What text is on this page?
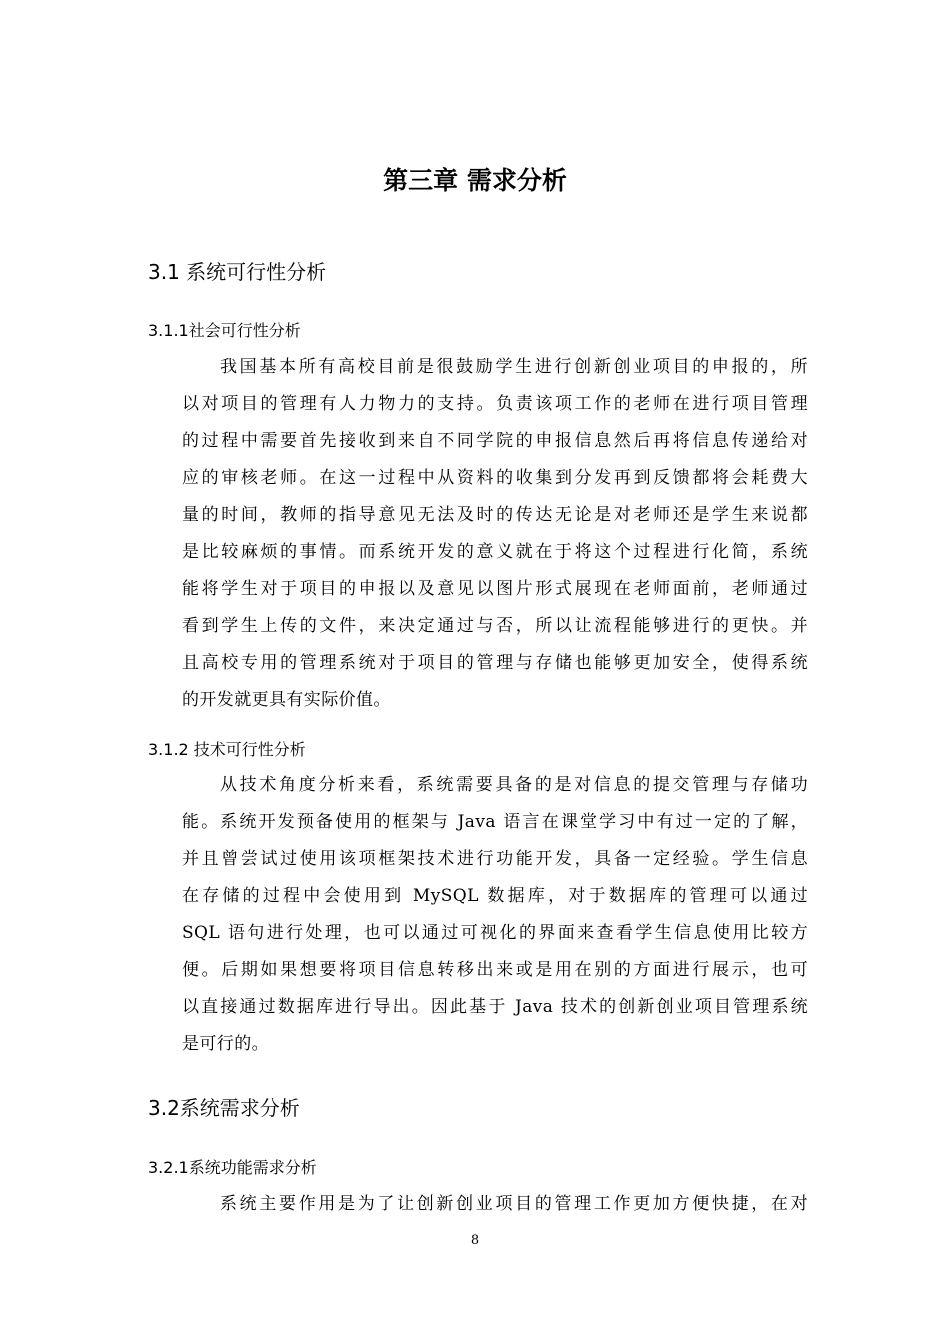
第三章 需求分析
3.1 系统可行性分析
3.1.1社会可行性分析
我国基本所有高校目前是很鼓励学生进行创新创业项目的申报的，所
以对项目的管理有人力物力的支持。负责该项工作的老师在进行项目管理
的过程中需要首先接收到来自不同学院的申报信息然后再将信息传递给对
应的审核老师。在这一过程中从资料的收集到分发再到反馈都将会耗费大
量的时间，教师的指导意见无法及时的传达无论是对老师还是学生来说都
是比较麻烦的事情。而系统开发的意义就在于将这个过程进行化简，系统
能将学生对于项目的申报以及意见以图片形式展现在老师面前，老师通过
看到学生上传的文件，来决定通过与否，所以让流程能够进行的更快。并
且高校专用的管理系统对于项目的管理与存储也能够更加安全，使得系统
的开发就更具有实际价值。
3.1.2 技术可行性分析
从技术角度分析来看，系统需要具备的是对信息的提交管理与存储功
能。系统开发预备使用的框架与 Java 语言在课堂学习中有过一定的了解，
并且曾尝试过使用该项框架技术进行功能开发，具备一定经验。学生信息
在存储的过程中会使用到 MySQL 数据库，对于数据库的管理可以通过
SQL 语句进行处理，也可以通过可视化的界面来查看学生信息使用比较方
便。后期如果想要将项目信息转移出来或是用在别的方面进行展示，也可
以直接通过数据库进行导出。因此基于 Java 技术的创新创业项目管理系统
是可行的。
3.2系统需求分析
3.2.1系统功能需求分析
系统主要作用是为了让创新创业项目的管理工作更加方便快捷，在对
8
